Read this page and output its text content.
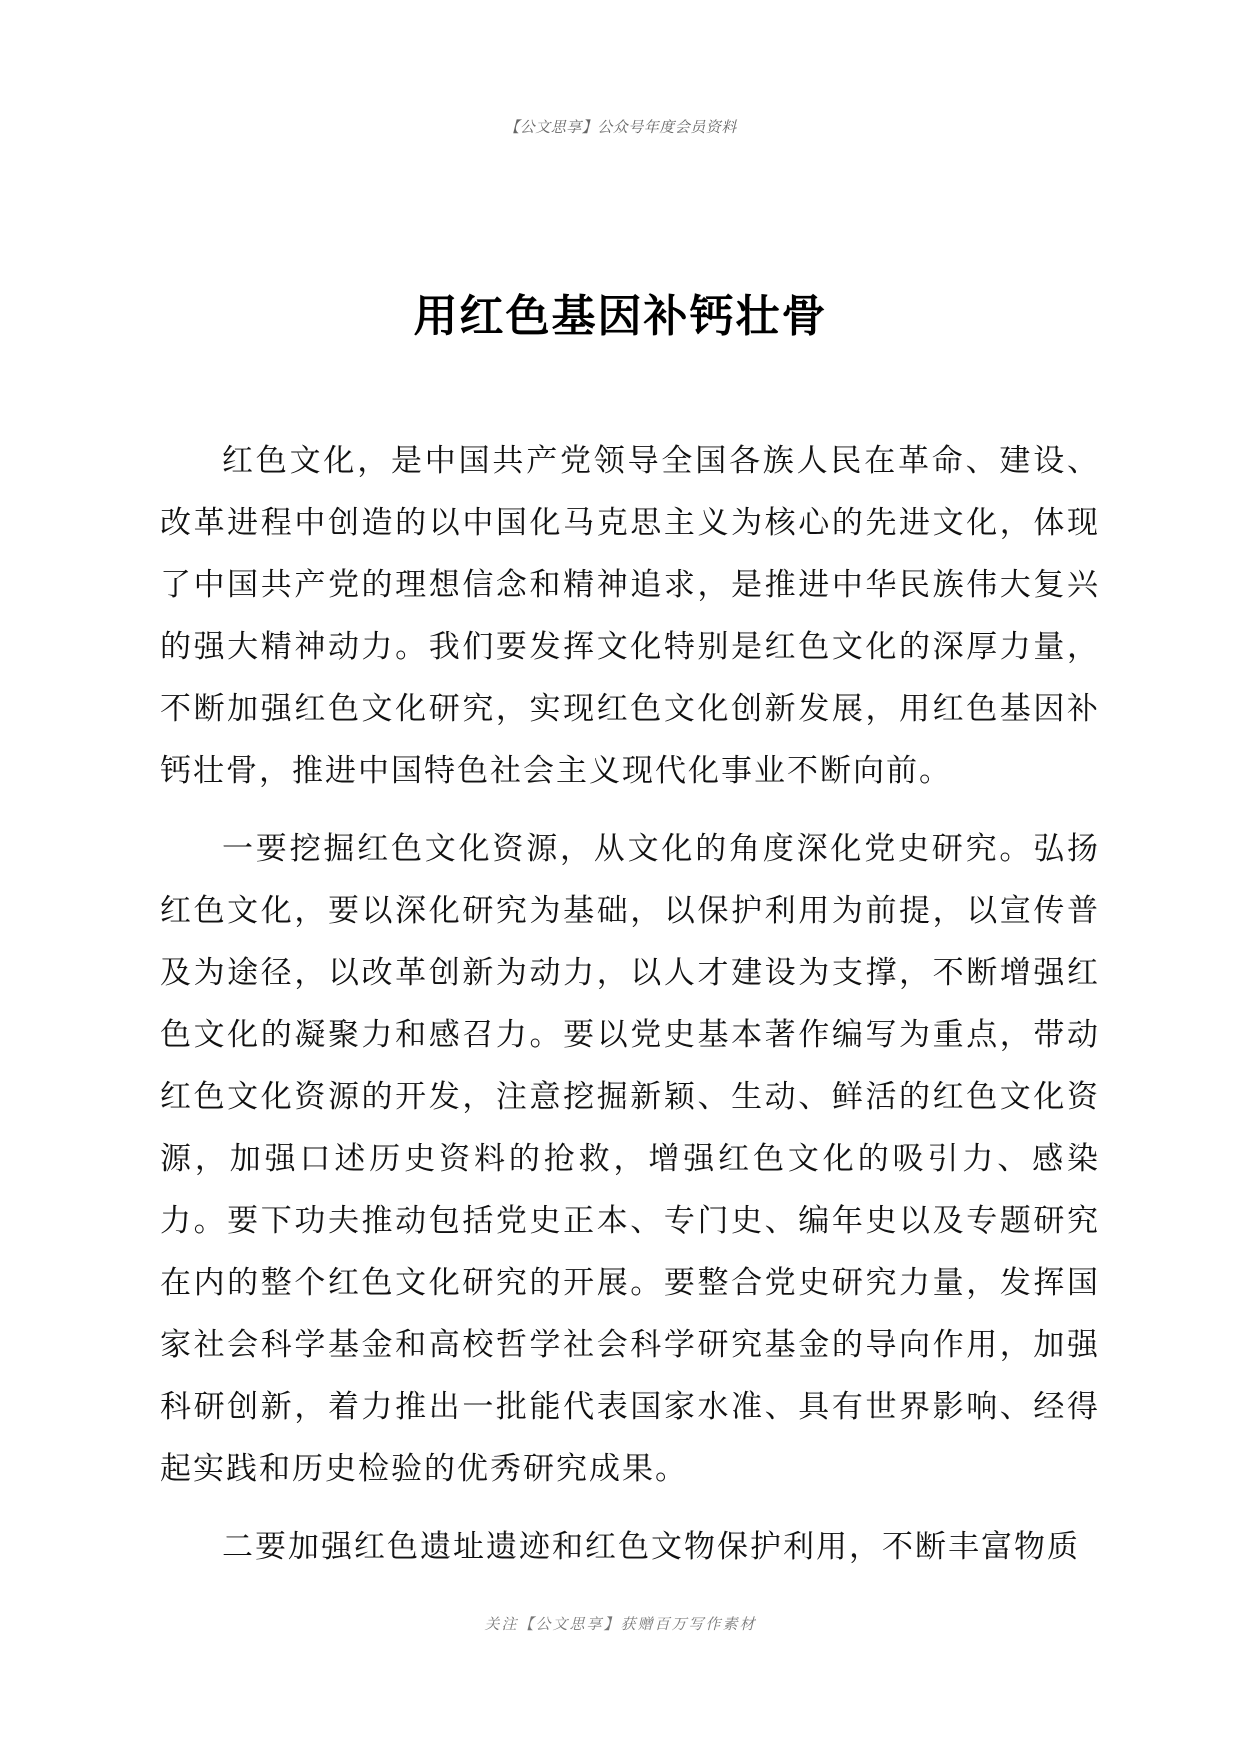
【公文思享】公众号年度会员资料
用红色基因补钙壮骨

红色文化，是中国共产党领导全国各族人民在革命、建设、改革进程中创造的以中国化马克思主义为核心的先进文化，体现了中国共产党的理想信念和精神追求，是推进中华民族伟大复兴的强大精神动力。我们要发挥文化特别是红色文化的深厚力量，不断加强红色文化研究，实现红色文化创新发展，用红色基因补钙壮骨，推进中国特色社会主义现代化事业不断向前。

一要挖掘红色文化资源，从文化的角度深化党史研究。弘扬红色文化，要以深化研究为基础，以保护利用为前提，以宣传普及为途径，以改革创新为动力，以人才建设为支撑，不断增强红色文化的凝聚力和感召力。要以党史基本著作编写为重点，带动红色文化资源的开发，注意挖掘新颖、生动、鲜活的红色文化资源，加强口述历史资料的抢救，增强红色文化的吸引力、感染力。要下功夫推动包括党史正本、专门史、编年史以及专题研究在内的整个红色文化研究的开展。要整合党史研究力量，发挥国家社会科学基金和高校哲学社会科学研究基金的导向作用，加强科研创新，着力推出一批能代表国家水准、具有世界影响、经得起实践和历史检验的优秀研究成果。

二要加强红色遗址遗迹和红色文物保护利用，不断丰富物质

关注【公文思享】获赠百万写作素材
